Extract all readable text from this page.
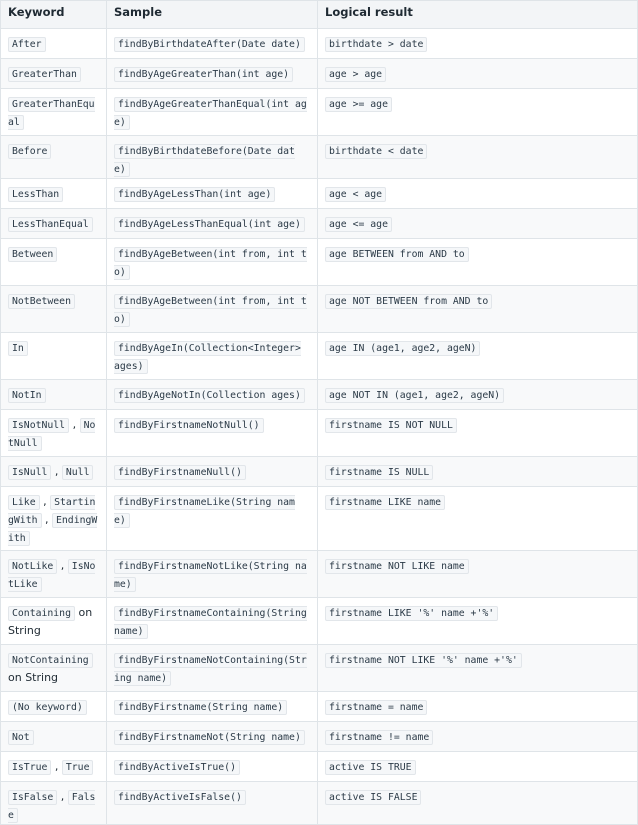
Keyword	Sample	Logical result
After	findByBirthdateAfter(Date date)	birthdate > date
GreaterThan	findByAgeGreaterThan(int age)	age > age
GreaterThanEqual	findByAgeGreaterThanEqual(int age)	age >= age
Before	findByBirthdateBefore(Date date)	birthdate < date
LessThan	findByAgeLessThan(int age)	age < age
LessThanEqual	findByAgeLessThanEqual(int age)	age <= age
Between	findByAgeBetween(int from, int to)	age BETWEEN from AND to
NotBetween	findByAgeBetween(int from, int to)	age NOT BETWEEN from AND to
In	findByAgeIn(Collection<Integer> ages)	age IN (age1, age2, ageN)
NotIn	findByAgeNotIn(Collection ages)	age NOT IN (age1, age2, ageN)
IsNotNull , NotNull	findByFirstnameNotNull()	firstname IS NOT NULL
IsNull , Null	findByFirstnameNull()	firstname IS NULL
Like , StartingWith , EndingWith	findByFirstnameLike(String name)	firstname LIKE name
NotLike , IsNotLike	findByFirstnameNotLike(String name)	firstname NOT LIKE name
Containing on String	findByFirstnameContaining(String name)	firstname LIKE '%' name +'%'
NotContaining on String	findByFirstnameNotContaining(String name)	firstname NOT LIKE '%' name +'%'
(No keyword)	findByFirstname(String name)	firstname = name
Not	findByFirstnameNot(String name)	firstname != name
IsTrue , True	findByActiveIsTrue()	active IS TRUE
IsFalse , False	findByActiveIsFalse()	active IS FALSE
